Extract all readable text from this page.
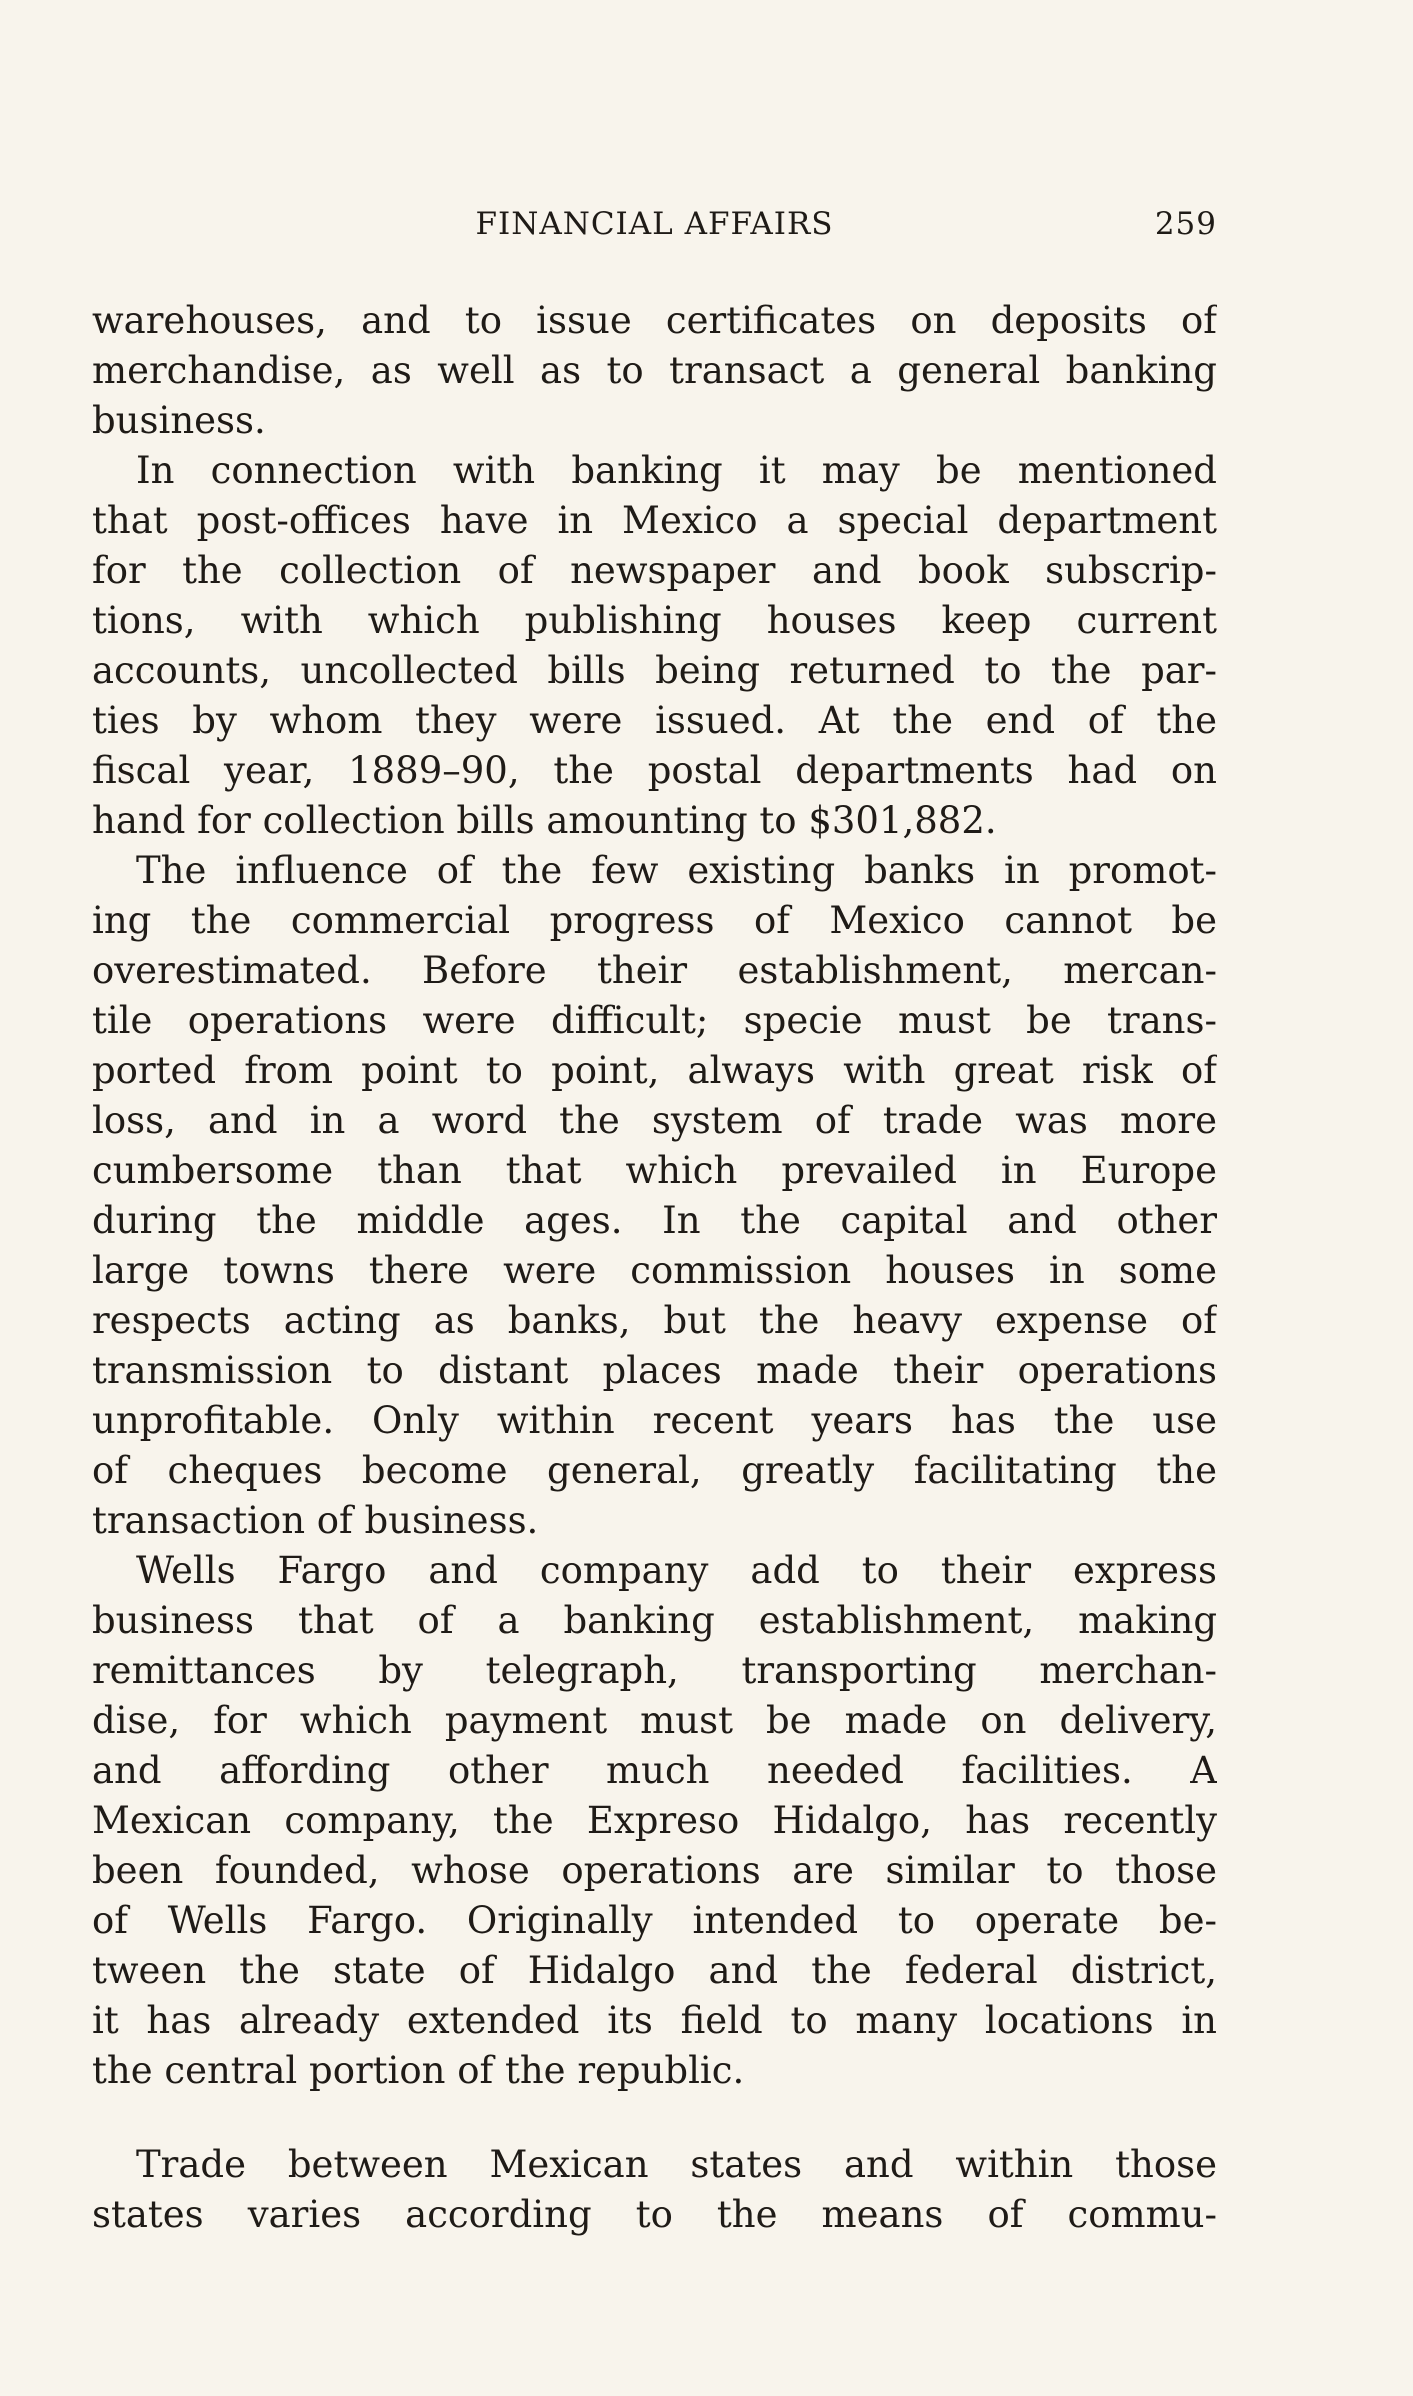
FINANCIAL AFFAIRS	259
warehouses, and to issue certificates on deposits of
merchandise, as well as to transact a general banking
business.
In connection with banking it may be mentioned
that post-offices have in Mexico a special department
for the collection of newspaper and book subscrip-
tions, with which publishing houses keep current
accounts, uncollected bills being returned to the par-
ties by whom they were issued. At the end of the
fiscal year, 1889–90, the postal departments had on
hand for collection bills amounting to $301,882.
The influence of the few existing banks in promot-
ing the commercial progress of Mexico cannot be
overestimated. Before their establishment, mercan-
tile operations were difficult; specie must be trans-
ported from point to point, always with great risk of
loss, and in a word the system of trade was more
cumbersome than that which prevailed in Europe
during the middle ages. In the capital and other
large towns there were commission houses in some
respects acting as banks, but the heavy expense of
transmission to distant places made their operations
unprofitable. Only within recent years has the use
of cheques become general, greatly facilitating the
transaction of business.
Wells Fargo and company add to their express
business that of a banking establishment, making
remittances by telegraph, transporting merchan-
dise, for which payment must be made on delivery,
and affording other much needed facilities. A
Mexican company, the Expreso Hidalgo, has recently
been founded, whose operations are similar to those
of Wells Fargo. Originally intended to operate be-
tween the state of Hidalgo and the federal district,
it has already extended its field to many locations in
the central portion of the republic.
Trade between Mexican states and within those
states varies according to the means of commu-
